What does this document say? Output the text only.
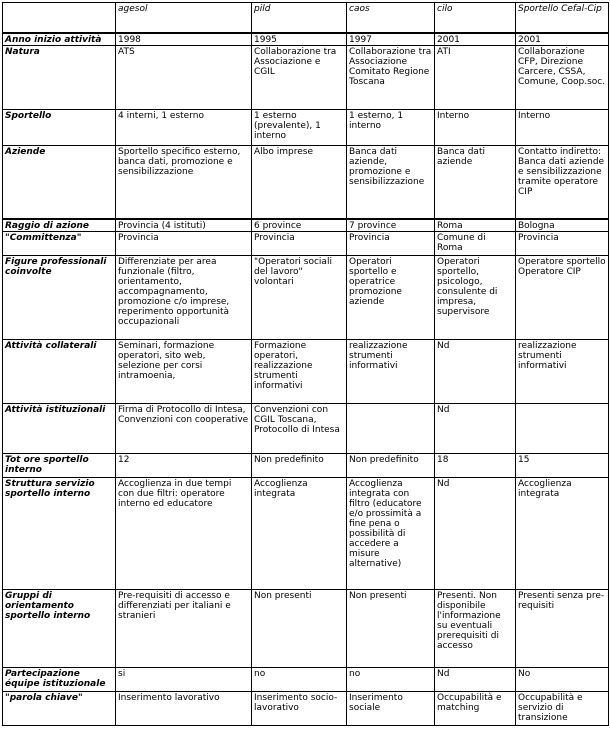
	agesol	pild	caos	cilo	Sportello Cefal-Cip
Anno inizio attività	1998	1995	1997	2001	2001
Natura	ATS	Collaborazione tra Associazione e CGIL	Collaborazione tra Associazione Comitato Regione Toscana	ATI	Collaborazione CFP, Direzione Carcere, CSSA, Comune, Coop.soc.
Sportello	4 interni, 1 esterno	1 esterno (prevalente), 1 interno	1 esterno, 1 interno	Interno	Interno
Aziende	Sportello specifico esterno, banca dati, promozione e sensibilizzazione	Albo imprese	Banca dati aziende, promozione e sensibilizzazione	Banca dati aziende	Contatto indiretto: Banca dati aziende e sensibilizzazione tramite operatore CIP
Raggio di azione	Provincia (4 istituti)	6 province	7 province	Roma	Bologna
"Committenza"	Provincia	Provincia	Provincia	Comune di Roma	Provincia
Figure professionali coinvolte	Differenziate per area funzionale (filtro, orientamento, accompagnamento, promozione c/o imprese, reperimento opportunità occupazionali	"Operatori sociali del lavoro" volontari	Operatori sportello e operatrice promozione aziende	Operatori sportello, psicologo, consulente di impresa, supervisore	Operatore sportello Operatore CIP
Attività collaterali	Seminari, formazione operatori, sito web, selezione per corsi intramoenia,	Formazione operatori, realizzazione strumenti informativi	realizzazione strumenti informativi	Nd	realizzazione strumenti informativi
Attività istituzionali	Firma di Protocollo di Intesa, Convenzioni con cooperative	Convenzioni con CGIL Toscana, Protocollo di Intesa		Nd	
Tot ore sportello interno	12	Non predefinito	Non predefinito	18	15
Struttura servizio sportello interno	Accoglienza in due tempi con due filtri: operatore interno ed educatore	Accoglienza integrata	Accoglienza integrata con filtro (educatore e/o prossimità a fine pena o possibilità di accedere a misure alternative)	Nd	Accoglienza integrata
Gruppi di orientamento sportello interno	Pre-requisiti di accesso e differenziati per italiani e stranieri	Non presenti	Non presenti	Presenti. Non disponibile l'informazione su eventuali prerequisiti di accesso	Presenti senza pre-requisiti
Partecipazione équipe istituzionale	si	no	no	Nd	No
"parola chiave"	Inserimento lavorativo	Inserimento socio-lavorativo	Inserimento sociale	Occupabilità e matching	Occupabilità e servizio di transizione
